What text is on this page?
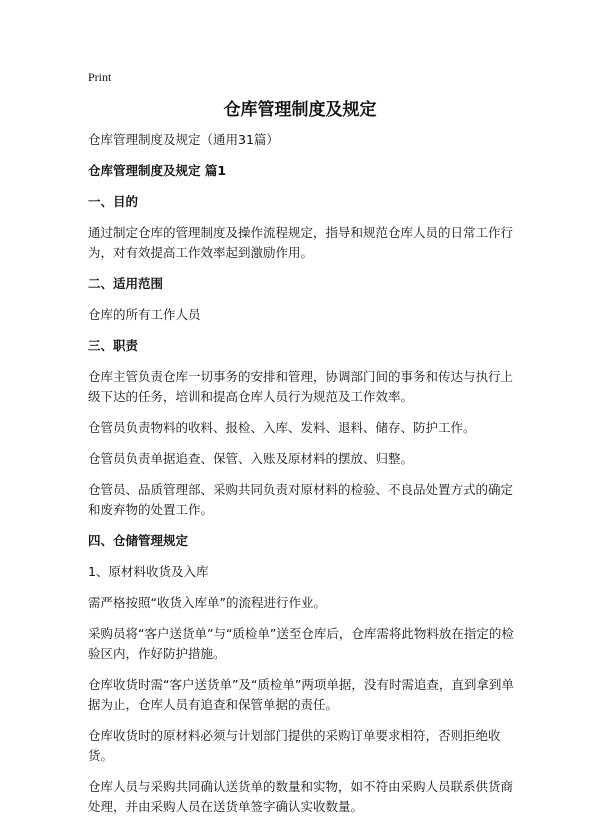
Print
仓库管理制度及规定

仓库管理制度及规定（通用31篇）

仓库管理制度及规定 篇1

一、目的

通过制定仓库的管理制度及操作流程规定，指导和规范仓库人员的日常工作行为，对有效提高工作效率起到激励作用。

二、适用范围

仓库的所有工作人员

三、职责

仓库主管负责仓库一切事务的安排和管理，协调部门间的事务和传达与执行上级下达的任务，培训和提高仓库人员行为规范及工作效率。

仓管员负责物料的收料、报检、入库、发料、退料、储存、防护工作。

仓管员负责单据追查、保管、入账及原材料的摆放、归整。

仓管员、品质管理部、采购共同负责对原材料的检验、不良品处置方式的确定和废弃物的处置工作。

四、仓储管理规定

1、原材料收货及入库

需严格按照“收货入库单”的流程进行作业。

采购员将“客户送货单”与“质检单”送至仓库后，仓库需将此物料放在指定的检验区内，作好防护措施。

仓库收货时需“客户送货单”及“质检单”两项单据，没有时需追查，直到拿到单据为止，仓库人员有追查和保管单据的责任。

仓库收货时的原材料必须与计划部门提供的采购订单要求相符，否则拒绝收货。

仓库人员与采购共同确认送货单的数量和实物，如不符由采购人员联系供货商处理，并由采购人员在送货单签字确认实收数量。
